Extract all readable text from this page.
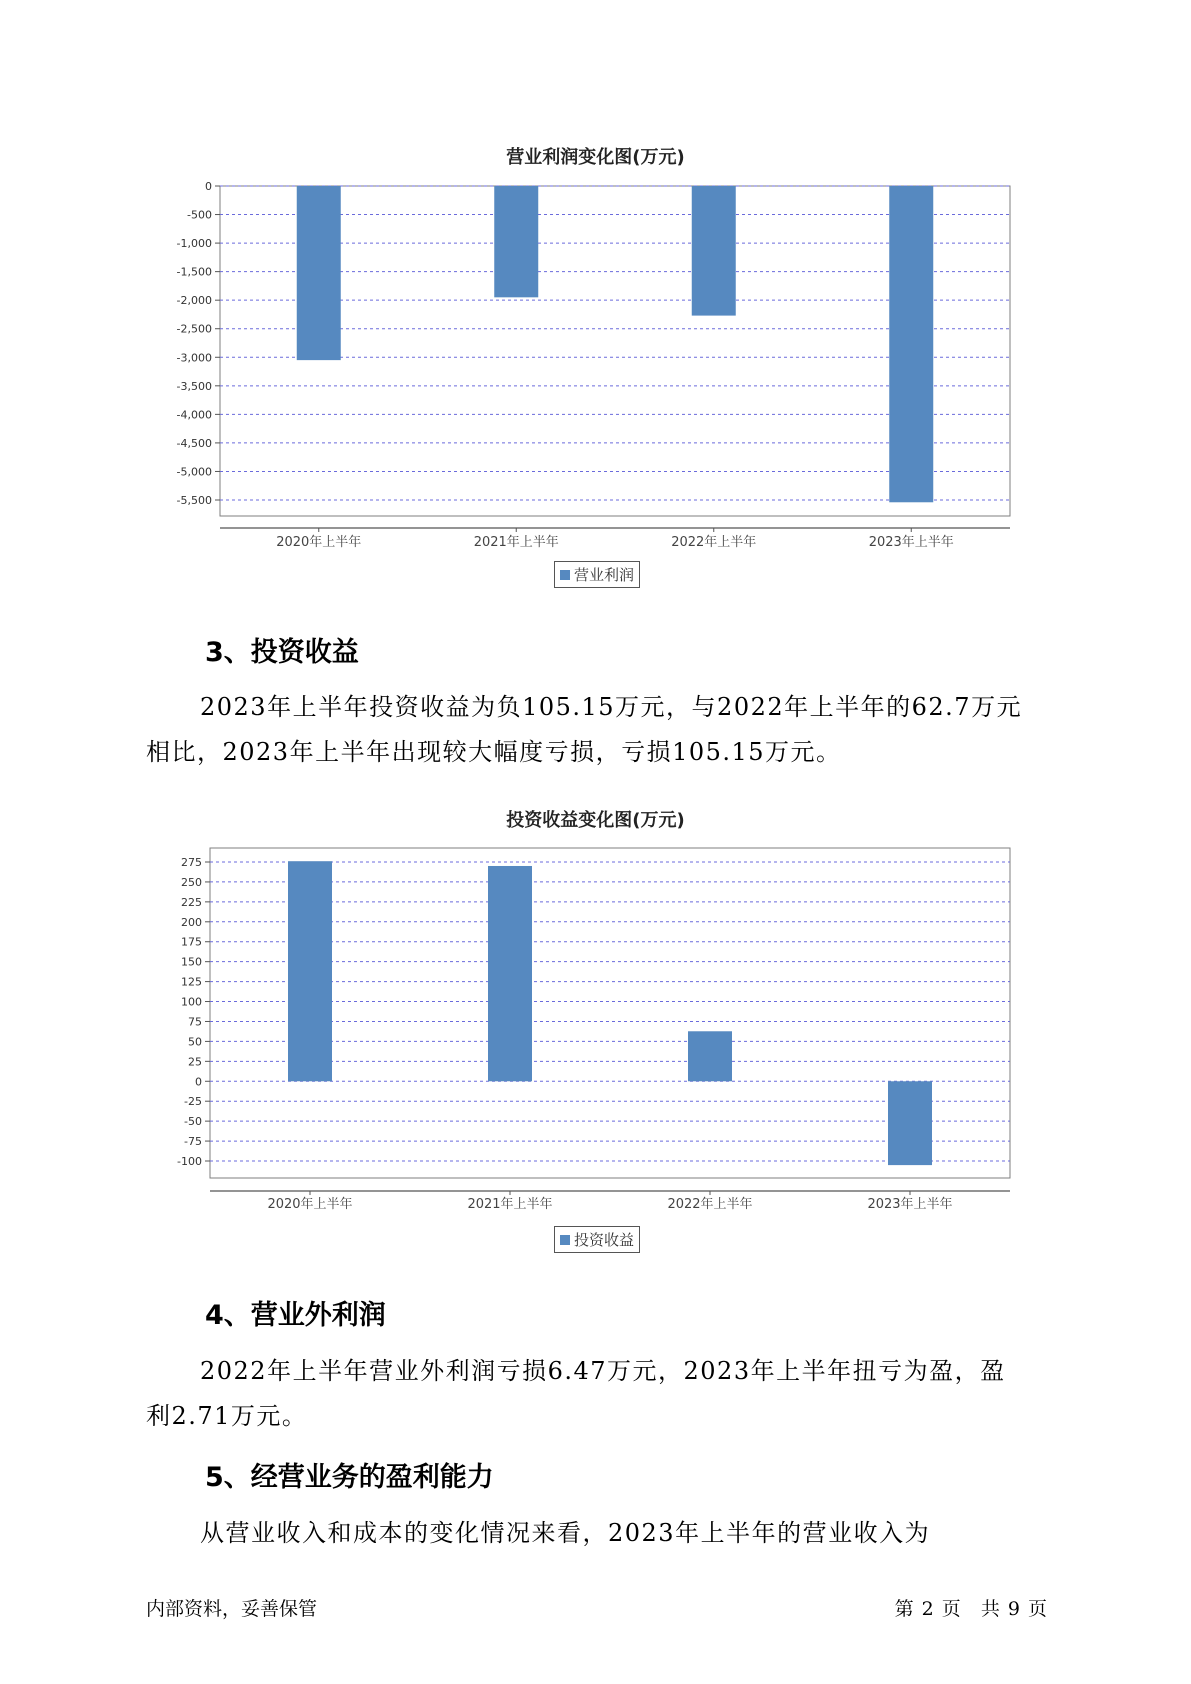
营业利润变化图(万元)
0
-500
-1,000
-1,500
-2,000
-2,500
-3,000
-3,500
-4,000
-4,500
-5,000
-5,500
2020年上半年	2021年上半年	2022年上半年	2023年上半年
营业利润
3、投资收益
2023年上半年投资收益为负105.15万元，与2022年上半年的62.7万元
相比，2023年上半年出现较大幅度亏损，亏损105.15万元。
投资收益变化图(万元)
275
250
225
200
175
150
125
100
75
50
25
0
-25
-50
-75
-100
2020年上半年	2021年上半年	2022年上半年	2023年上半年
投资收益
4、营业外利润
2022年上半年营业外利润亏损6.47万元，2023年上半年扭亏为盈，盈
利2.71万元。
5、经营业务的盈利能力
从营业收入和成本的变化情况来看，2023年上半年的营业收入为
内部资料，妥善保管	第 2 页 共 9 页
